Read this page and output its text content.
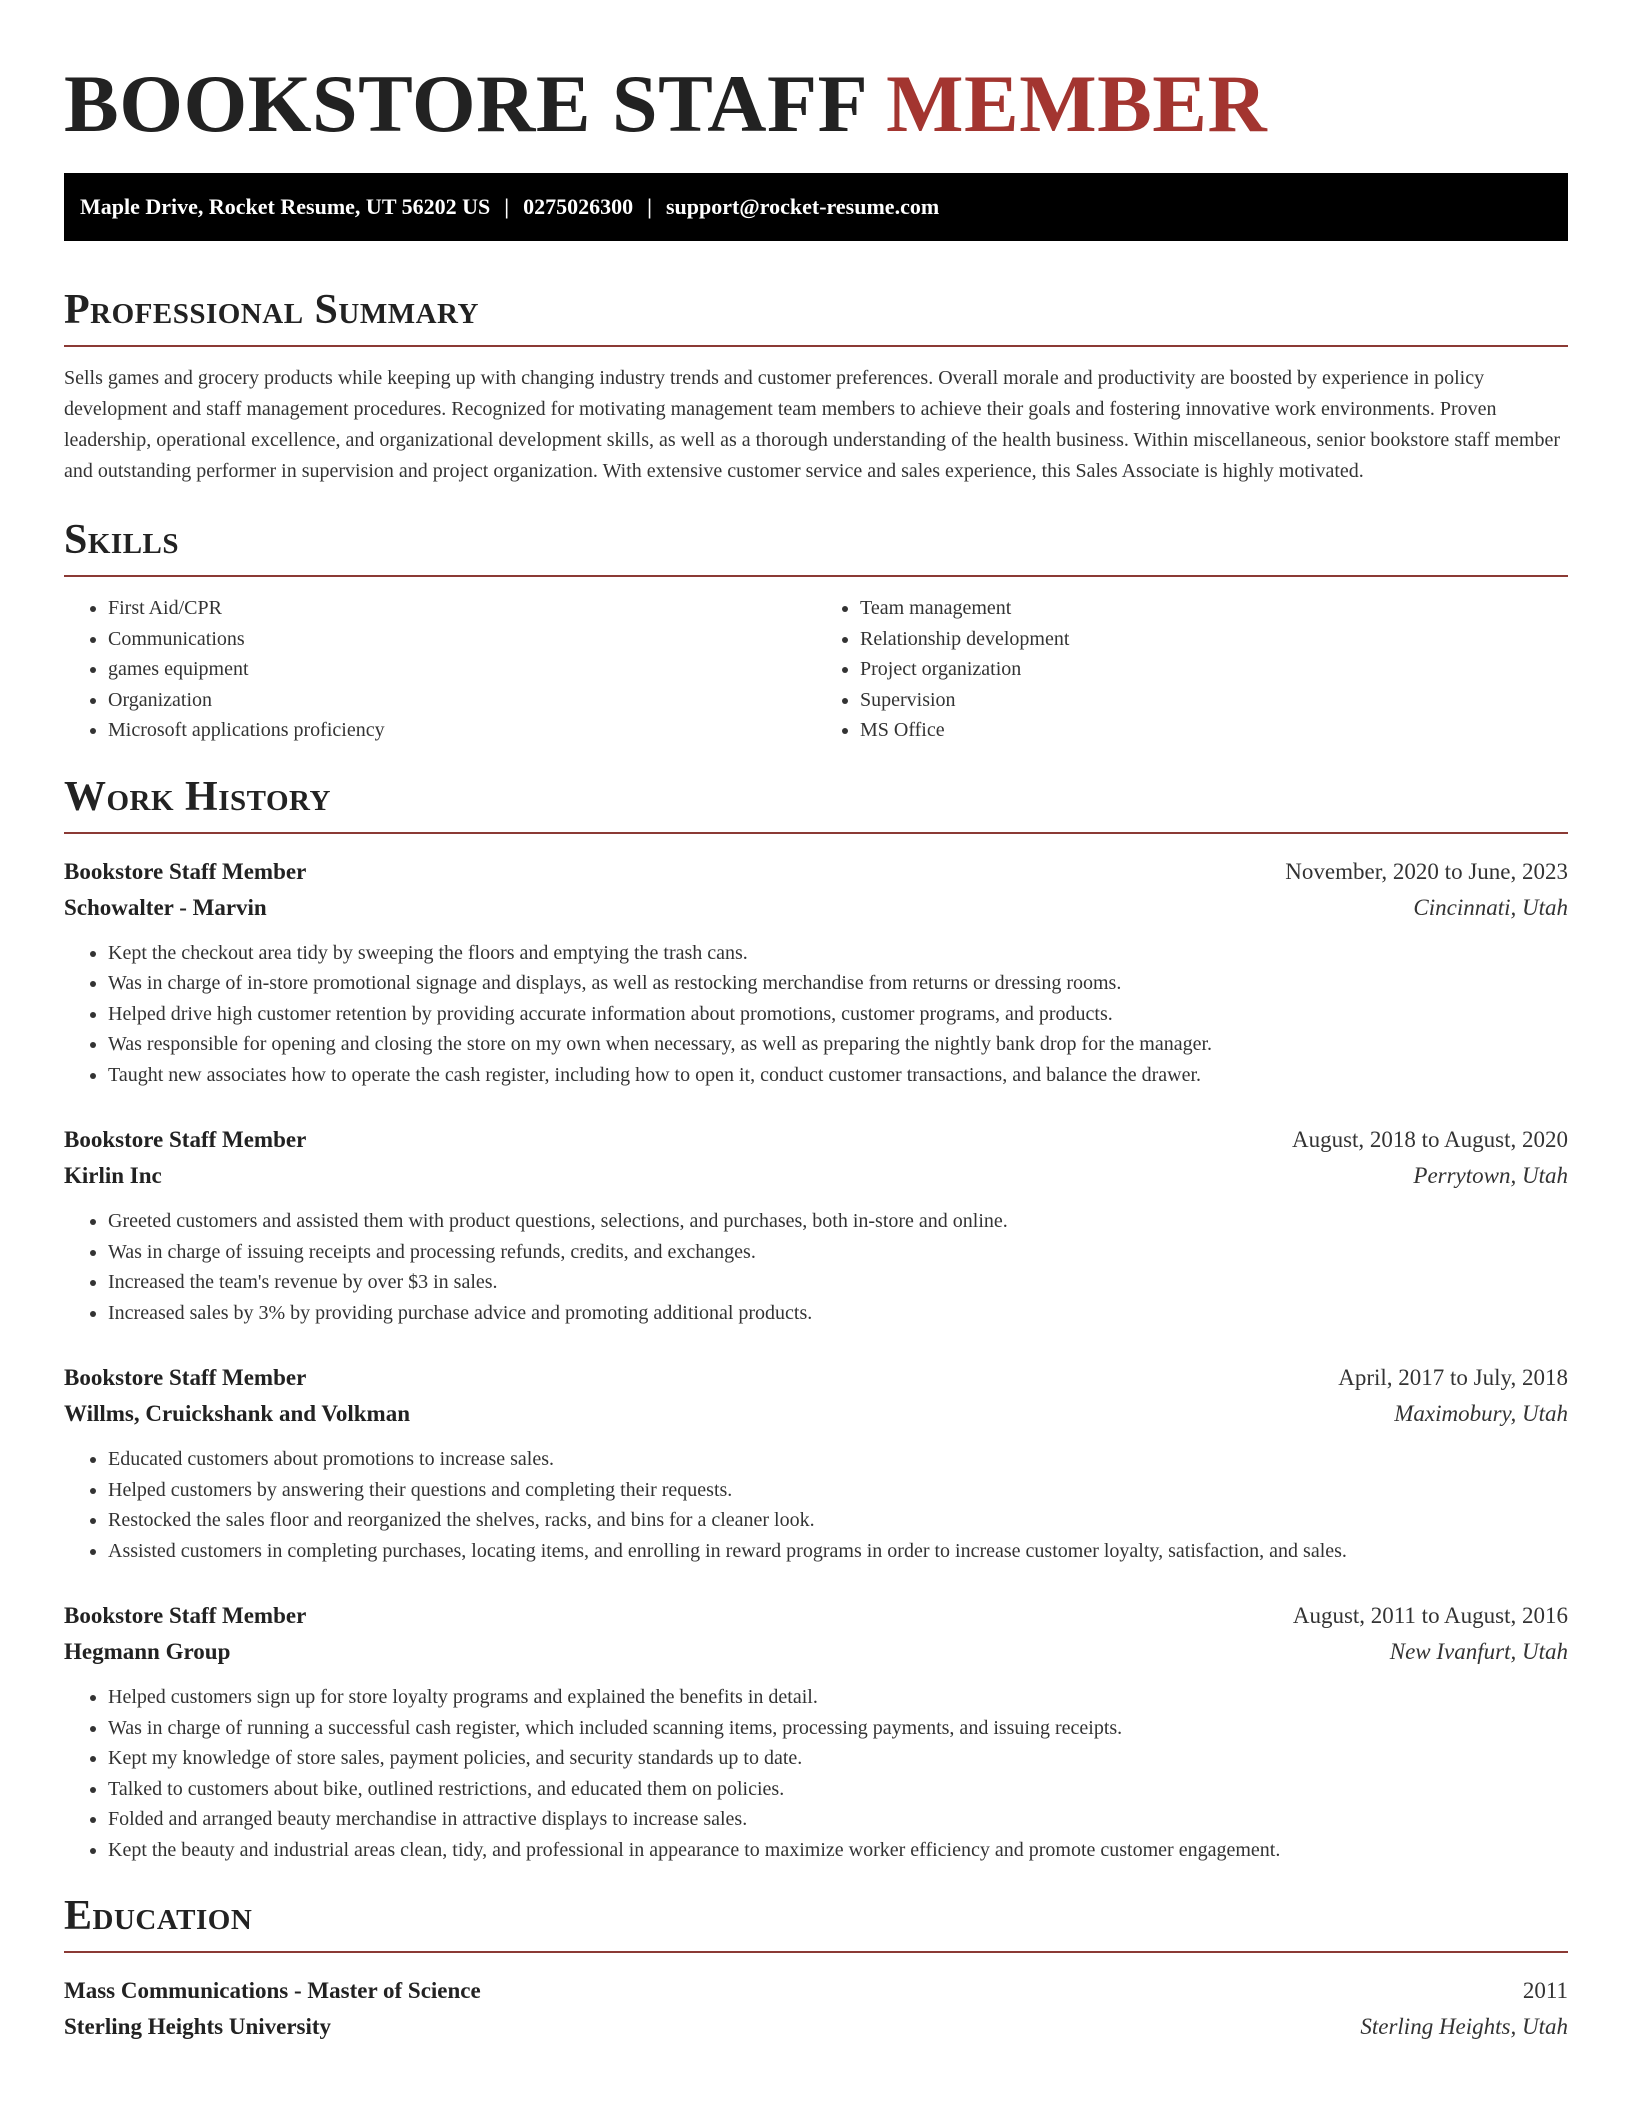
BOOKSTORE STAFF MEMBER
Maple Drive, Rocket Resume, UT 56202 US | 0275026300 | support@rocket-resume.com
Professional Summary

Sells games and grocery products while keeping up with changing industry trends and customer preferences. Overall morale and productivity are boosted by experience in policy development and staff management procedures. Recognized for motivating management team members to achieve their goals and fostering innovative work environments. Proven leadership, operational excellence, and organizational development skills, as well as a thorough understanding of the health business. Within miscellaneous, senior bookstore staff member and outstanding performer in supervision and project organization. With extensive customer service and sales experience, this Sales Associate is highly motivated.

Skills
• First Aid/CPR
• Communications
• games equipment
• Organization
• Microsoft applications proficiency
• Team management
• Relationship development
• Project organization
• Supervision
• MS Office
Work History
Bookstore Staff Member	November, 2020 to June, 2023
Schowalter - Marvin	Cincinnati, Utah
• Kept the checkout area tidy by sweeping the floors and emptying the trash cans.
• Was in charge of in-store promotional signage and displays, as well as restocking merchandise from returns or dressing rooms.
• Helped drive high customer retention by providing accurate information about promotions, customer programs, and products.
• Was responsible for opening and closing the store on my own when necessary, as well as preparing the nightly bank drop for the manager.
• Taught new associates how to operate the cash register, including how to open it, conduct customer transactions, and balance the drawer.
Bookstore Staff Member	August, 2018 to August, 2020
Kirlin Inc	Perrytown, Utah
• Greeted customers and assisted them with product questions, selections, and purchases, both in-store and online.
• Was in charge of issuing receipts and processing refunds, credits, and exchanges.
• Increased the team's revenue by over $3 in sales.
• Increased sales by 3% by providing purchase advice and promoting additional products.
Bookstore Staff Member	April, 2017 to July, 2018
Willms, Cruickshank and Volkman	Maximobury, Utah
• Educated customers about promotions to increase sales.
• Helped customers by answering their questions and completing their requests.
• Restocked the sales floor and reorganized the shelves, racks, and bins for a cleaner look.
• Assisted customers in completing purchases, locating items, and enrolling in reward programs in order to increase customer loyalty, satisfaction, and sales.
Bookstore Staff Member	August, 2011 to August, 2016
Hegmann Group	New Ivanfurt, Utah
• Helped customers sign up for store loyalty programs and explained the benefits in detail.
• Was in charge of running a successful cash register, which included scanning items, processing payments, and issuing receipts.
• Kept my knowledge of store sales, payment policies, and security standards up to date.
• Talked to customers about bike, outlined restrictions, and educated them on policies.
• Folded and arranged beauty merchandise in attractive displays to increase sales.
• Kept the beauty and industrial areas clean, tidy, and professional in appearance to maximize worker efficiency and promote customer engagement.
Education
Mass Communications - Master of Science	2011
Sterling Heights University	Sterling Heights, Utah
